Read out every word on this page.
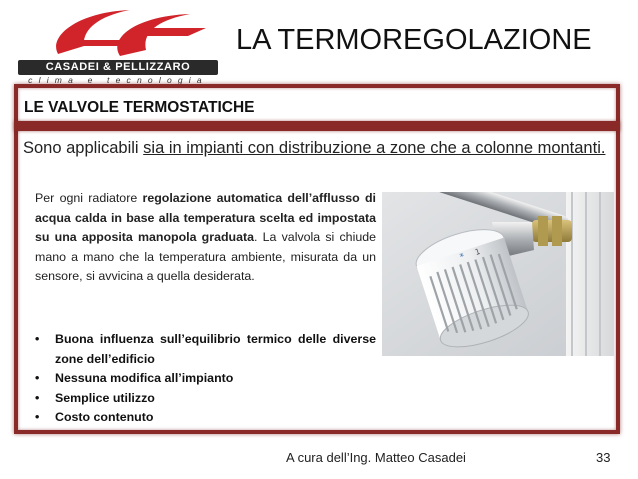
CASADEI & PELLIZZARO
clima e tecnologia
LA TERMOREGOLAZIONE
LE VALVOLE TERMOSTATICHE
Sono applicabili sia in impianti con distribuzione a zone che a colonne montanti.
Per ogni radiatore regolazione automatica dell’afflusso di acqua calda in base alla temperatura scelta ed impostata su una apposita manopola graduata. La valvola si chiude mano a mano che la temperatura ambiente, misurata da un sensore, si avvicina a quella desiderata.
• Buona influenza sull’equilibrio termico delle diverse zone dell’edificio
• Nessuna modifica all’impianto
• Semplice utilizzo
• Costo contenuto
*
1
A cura dell’Ing. Matteo Casadei	33
